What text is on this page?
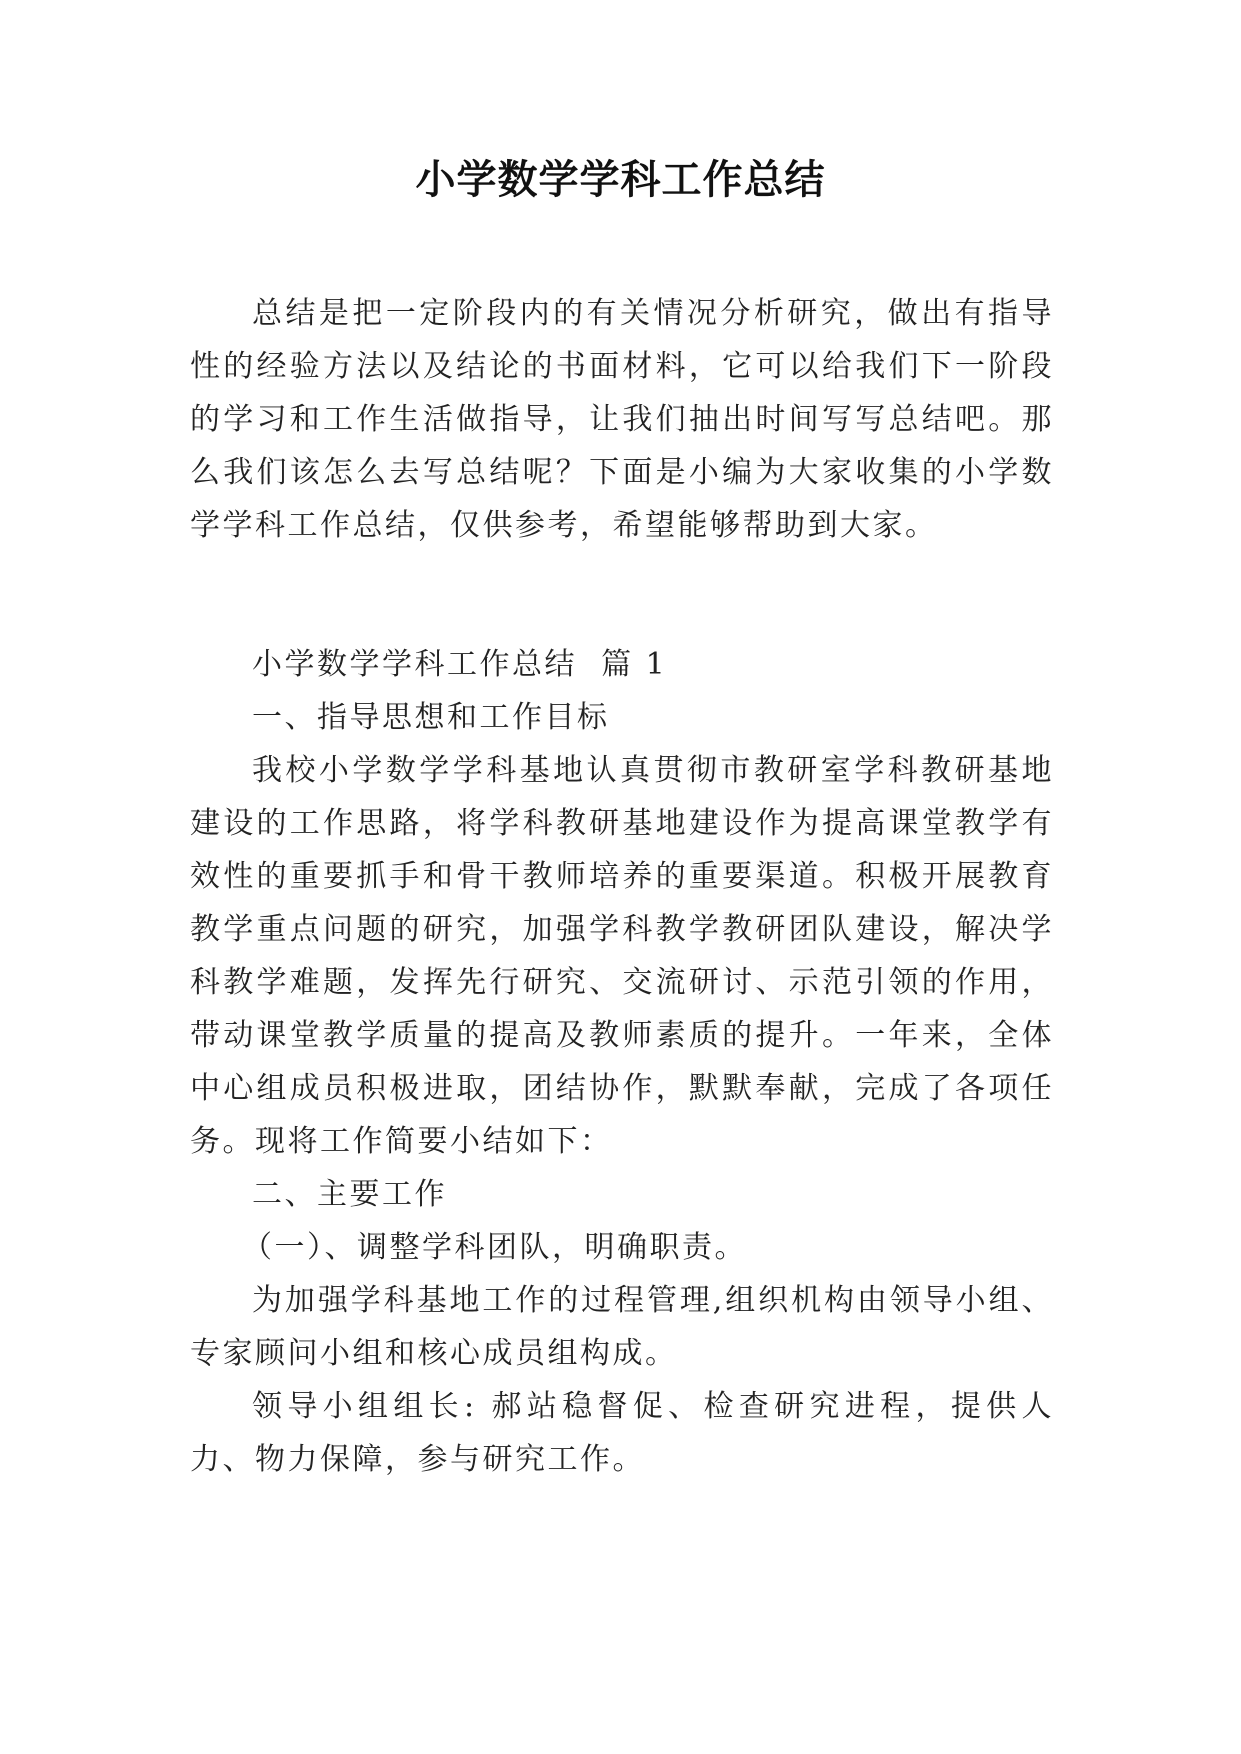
小学数学学科工作总结

总结是把一定阶段内的有关情况分析研究，做出有指导性的经验方法以及结论的书面材料，它可以给我们下一阶段的学习和工作生活做指导，让我们抽出时间写写总结吧。那么我们该怎么去写总结呢？下面是小编为大家收集的小学数学学科工作总结，仅供参考，希望能够帮助到大家。

小学数学学科工作总结  篇 1

一、指导思想和工作目标

我校小学数学学科基地认真贯彻市教研室学科教研基地建设的工作思路，将学科教研基地建设作为提高课堂教学有效性的重要抓手和骨干教师培养的重要渠道。积极开展教育教学重点问题的研究，加强学科教学教研团队建设，解决学科教学难题，发挥先行研究、交流研讨、示范引领的作用，带动课堂教学质量的提高及教师素质的提升。一年来，全体中心组成员积极进取，团结协作，默默奉献，完成了各项任务。现将工作简要小结如下：

二、主要工作

（一）、调整学科团队，明确职责。

为加强学科基地工作的过程管理,组织机构由领导小组、专家顾问小组和核心成员组构成。

领导小组组长: 郝站稳督促、检查研究进程，提供人力、物力保障，参与研究工作。
